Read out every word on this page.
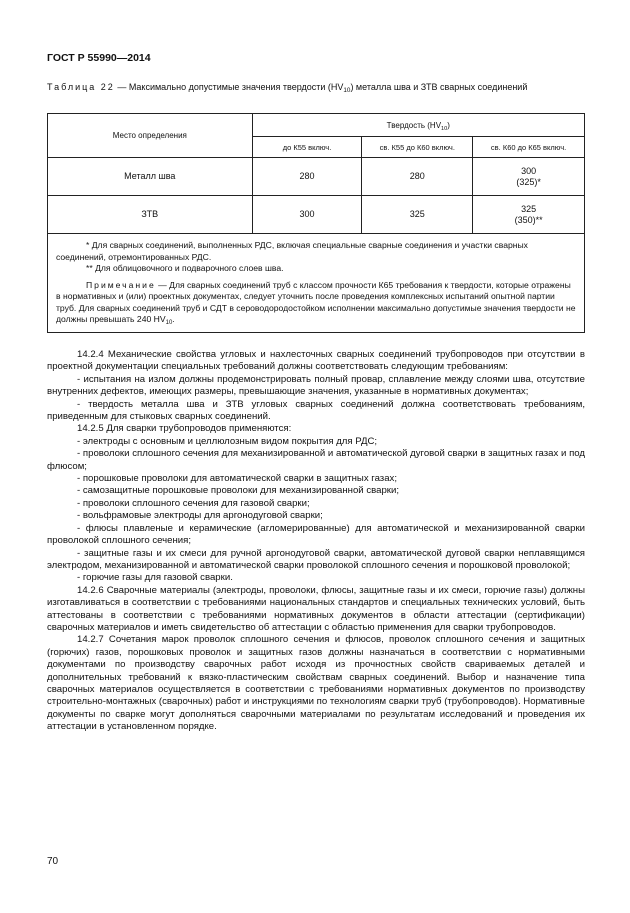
ГОСТ Р 55990—2014
Таблица 22 — Максимально допустимые значения твердости $(HV_{10})$ металла шва и ЗТВ сварных соединений
Место определения	Твердость $(HV_{10})$		
	до К55 включ.	св. К55 до К60 включ.	св. К60 до К65 включ.
Металл шва	280	280	300
(325)*
ЗТВ	300	325	325
(350)**

* Для сварных соединений, выполненных РДС, включая специальные сварные соединения и участки сварных соединений, отремонтированных РДС.

** Для облицовочного и подварочного слоев шва.

Примечание — Для сварных соединений труб с классом прочности К65 требования к твердости, которые отражены в нормативных и (или) проектных документах, следует уточнить после проведения комплексных испытаний опытной партии труб. Для сварных соединений труб и СДТ в сероводородостойком исполнении максимально допустимые значения твердости не должны превышать 240 $HV_{10}$.			

14.2.4 Механические свойства угловых и нахлесточных сварных соединений трубопроводов при отсутствии в проектной документации специальных требований должны соответствовать следующим требованиям:

- испытания на излом должны продемонстрировать полный провар, сплавление между слоями шва, отсутствие внутренних дефектов, имеющих размеры, превышающие значения, указанные в нормативных документах;

- твердость металла шва и ЗТВ угловых сварных соединений должна соответствовать требованиям, приведенным для стыковых сварных соединений.

14.2.5 Для сварки трубопроводов применяются:

- электроды с основным и целлюлозным видом покрытия для РДС;

- проволоки сплошного сечения для механизированной и автоматической дуговой сварки в защитных газах и под флюсом;

- порошковые проволоки для автоматической сварки в защитных газах;

- самозащитные порошковые проволоки для механизированной сварки;

- проволоки сплошного сечения для газовой сварки;

- вольфрамовые электроды для аргонодуговой сварки;

- флюсы плавленые и керамические (агломерированные) для автоматической и механизированной сварки проволокой сплошного сечения;

- защитные газы и их смеси для ручной аргонодуговой сварки, автоматической дуговой сварки неплавящимся электродом, механизированной и автоматической сварки проволокой сплошного сечения и порошковой проволокой;

- горючие газы для газовой сварки.

14.2.6 Сварочные материалы (электроды, проволоки, флюсы, защитные газы и их смеси, горючие газы) должны изготавливаться в соответствии с требованиями национальных стандартов и специальных технических условий, быть аттестованы в соответствии с требованиями нормативных документов в области аттестации (сертификации) сварочных материалов и иметь свидетельство об аттестации с областью применения для сварки трубопроводов.

14.2.7 Сочетания марок проволок сплошного сечения и флюсов, проволок сплошного сечения и защитных (горючих) газов, порошковых проволок и защитных газов должны назначаться в соответствии с нормативными документами по производству сварочных работ исходя из прочностных свойств свариваемых деталей и дополнительных требований к вязко-пластическим свойствам сварных соединений. Выбор и назначение типа сварочных материалов осуществляется в соответствии с требованиями нормативных документов по производству строительно-монтажных (сварочных) работ и инструкциями по технологиям сварки труб (трубопроводов). Нормативные документы по сварке могут дополняться сварочными материалами по результатам исследований и проведения их аттестации в установленном порядке.

70
